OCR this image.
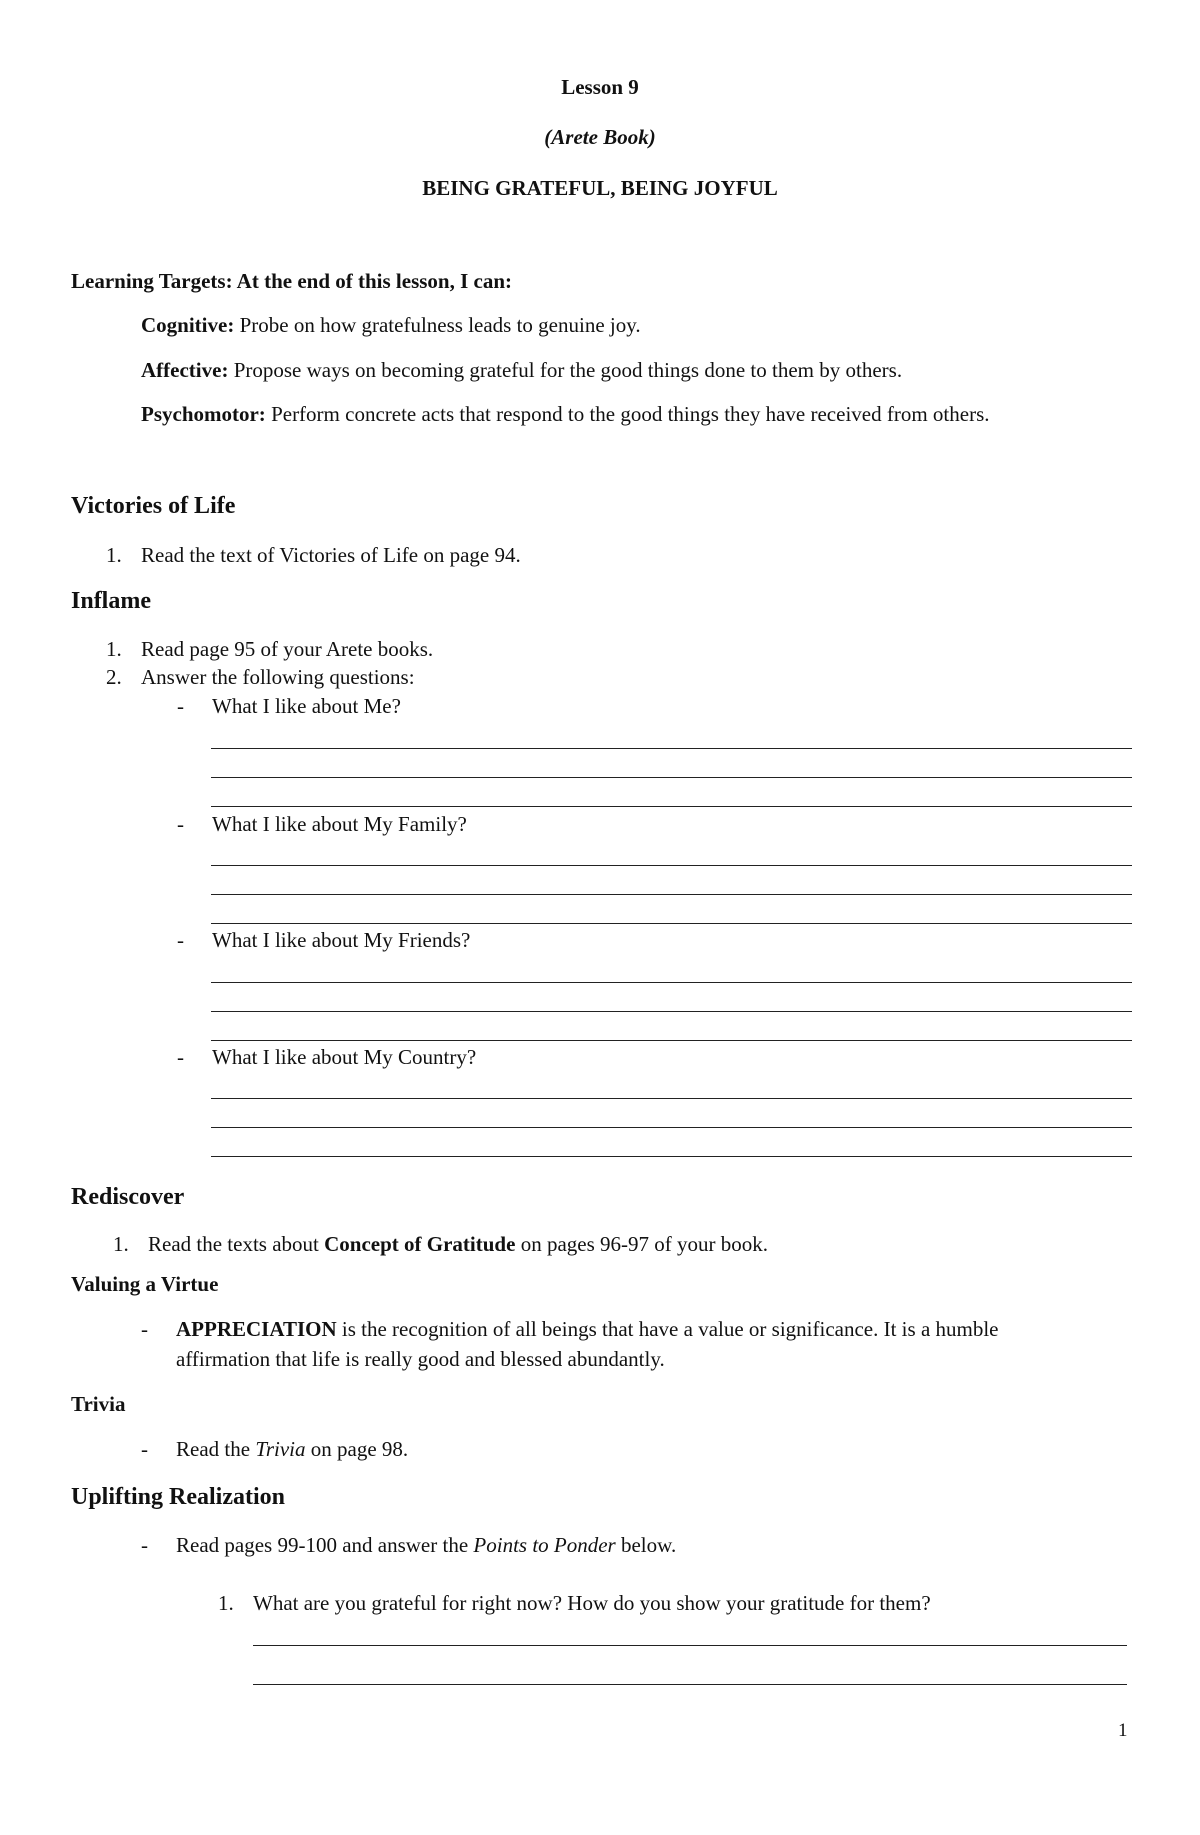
Lesson 9
(Arete Book)
BEING GRATEFUL, BEING JOYFUL
Learning Targets: At the end of this lesson, I can:
Cognitive: Probe on how gratefulness leads to genuine joy.
Affective: Propose ways on becoming grateful for the good things done to them by others.
Psychomotor: Perform concrete acts that respond to the good things they have received from others.
Victories of Life
1. Read the text of Victories of Life on page 94.
Inflame
1. Read page 95 of your Arete books.
2. Answer the following questions:
- What I like about Me?
- What I like about My Family?
- What I like about My Friends?
- What I like about My Country?
Rediscover
1. Read the texts about Concept of Gratitude on pages 96-97 of your book.
Valuing a Virtue
- APPRECIATION is the recognition of all beings that have a value or significance. It is a humble
affirmation that life is really good and blessed abundantly.
Trivia
- Read the Trivia on page 98.
Uplifting Realization
- Read pages 99-100 and answer the Points to Ponder below.
1. What are you grateful for right now? How do you show your gratitude for them?
1
